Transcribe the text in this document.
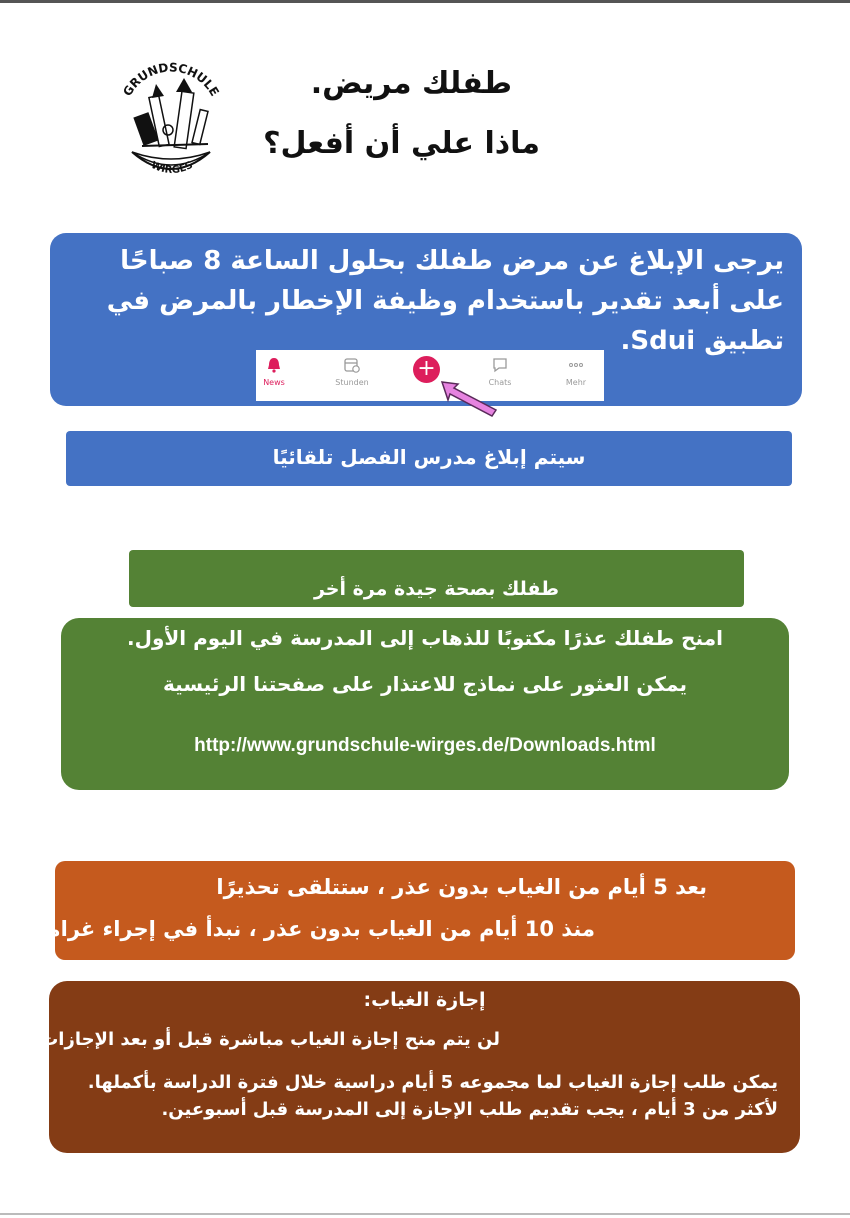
GRUNDSCHULE
WIRGES
طفلك مريض.
ماذا علي أن أفعل؟
يرجى الإبلاغ عن مرض طفلك بحلول الساعة 8 صباحًا على أبعد تقدير باستخدام وظيفة الإخطار بالمرض في تطبيق Sdui.
News	Stunden	Chats	Mehr
+
سيتم إبلاغ مدرس الفصل تلقائيًا
طفلك بصحة جيدة مرة أخر
امنح طفلك عذرًا مكتوبًا للذهاب إلى المدرسة في اليوم الأول.
يمكن العثور على نماذج للاعتذار على صفحتنا الرئيسية
http://www.grundschule-wirges.de/Downloads.html
بعد 5 أيام من الغياب بدون عذر ، ستتلقى تحذيرًا
منذ 10 أيام من الغياب بدون عذر ، نبدأ في إجراء غرامة.
إجازة الغياب:
لن يتم منح إجازة الغياب مباشرة قبل أو بعد الإجازات.
يمكن طلب إجازة الغياب لما مجموعه 5 أيام دراسية خلال فترة الدراسة بأكملها. لأكثر من 3 أيام ، يجب تقديم طلب الإجازة إلى المدرسة قبل أسبوعين.
